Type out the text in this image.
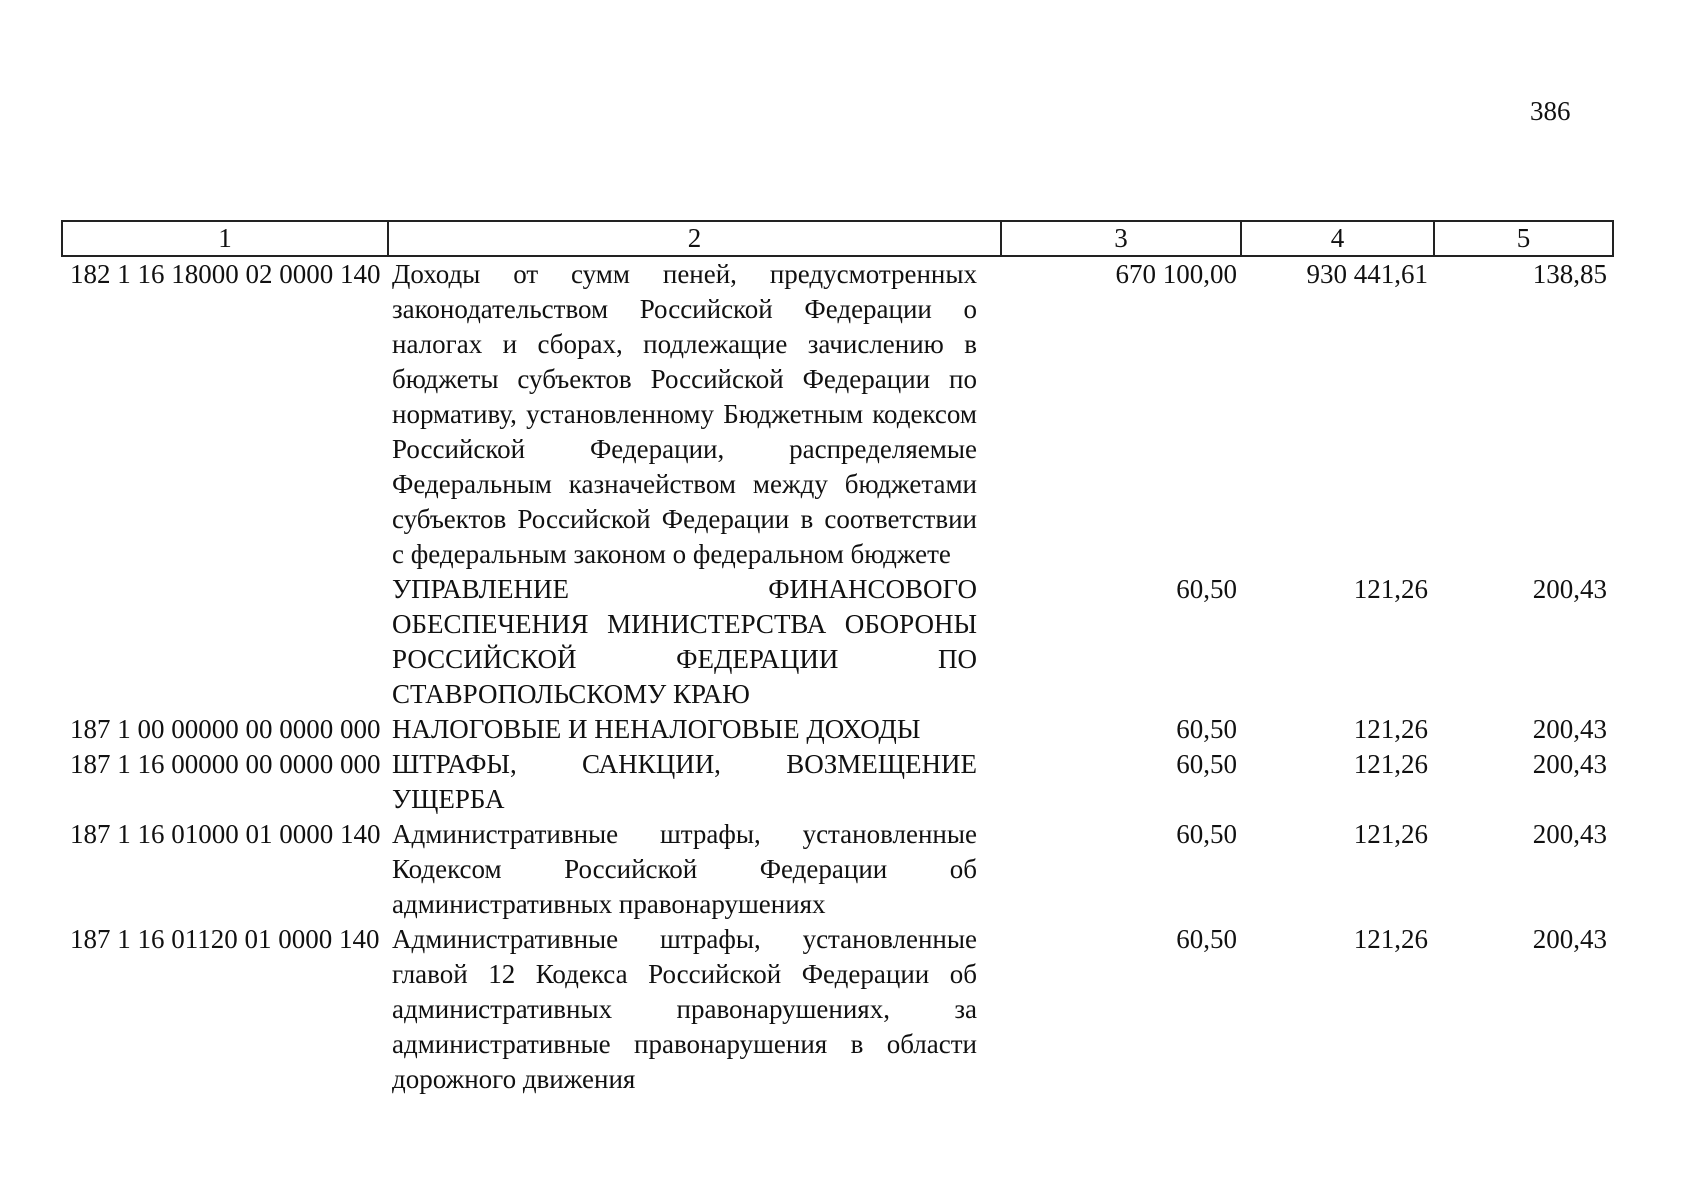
386
1	2	3	4	5
182 1 16 18000 02 0000 140	Доходы от сумм пеней, предусмотренных законодательством Российской Федерации о налогах и сборах, подлежащие зачислению в бюджеты субъектов Российской Федерации по нормативу, установленному Бюджетным кодексом Российской Федерации, распределяемые Федеральным казначейством между бюджетами субъектов Российской Федерации в соответствии с федеральным законом о федеральном бюджете	670 100,00	930 441,61	138,85
	УПРАВЛЕНИЕ ФИНАНСОВОГО ОБЕСПЕЧЕНИЯ МИНИСТЕРСТВА ОБОРОНЫ РОССИЙСКОЙ ФЕДЕРАЦИИ ПО СТАВРОПОЛЬСКОМУ КРАЮ	60,50	121,26	200,43
187 1 00 00000 00 0000 000	НАЛОГОВЫЕ И НЕНАЛОГОВЫЕ ДОХОДЫ	60,50	121,26	200,43
187 1 16 00000 00 0000 000	ШТРАФЫ, САНКЦИИ, ВОЗМЕЩЕНИЕ УЩЕРБА	60,50	121,26	200,43
187 1 16 01000 01 0000 140	Административные штрафы, установленные Кодексом Российской Федерации об административных правонарушениях	60,50	121,26	200,43
187 1 16 01120 01 0000 140	Административные штрафы, установленные главой 12 Кодекса Российской Федерации об административных правонарушениях, за административные правонарушения в области дорожного движения	60,50	121,26	200,43
